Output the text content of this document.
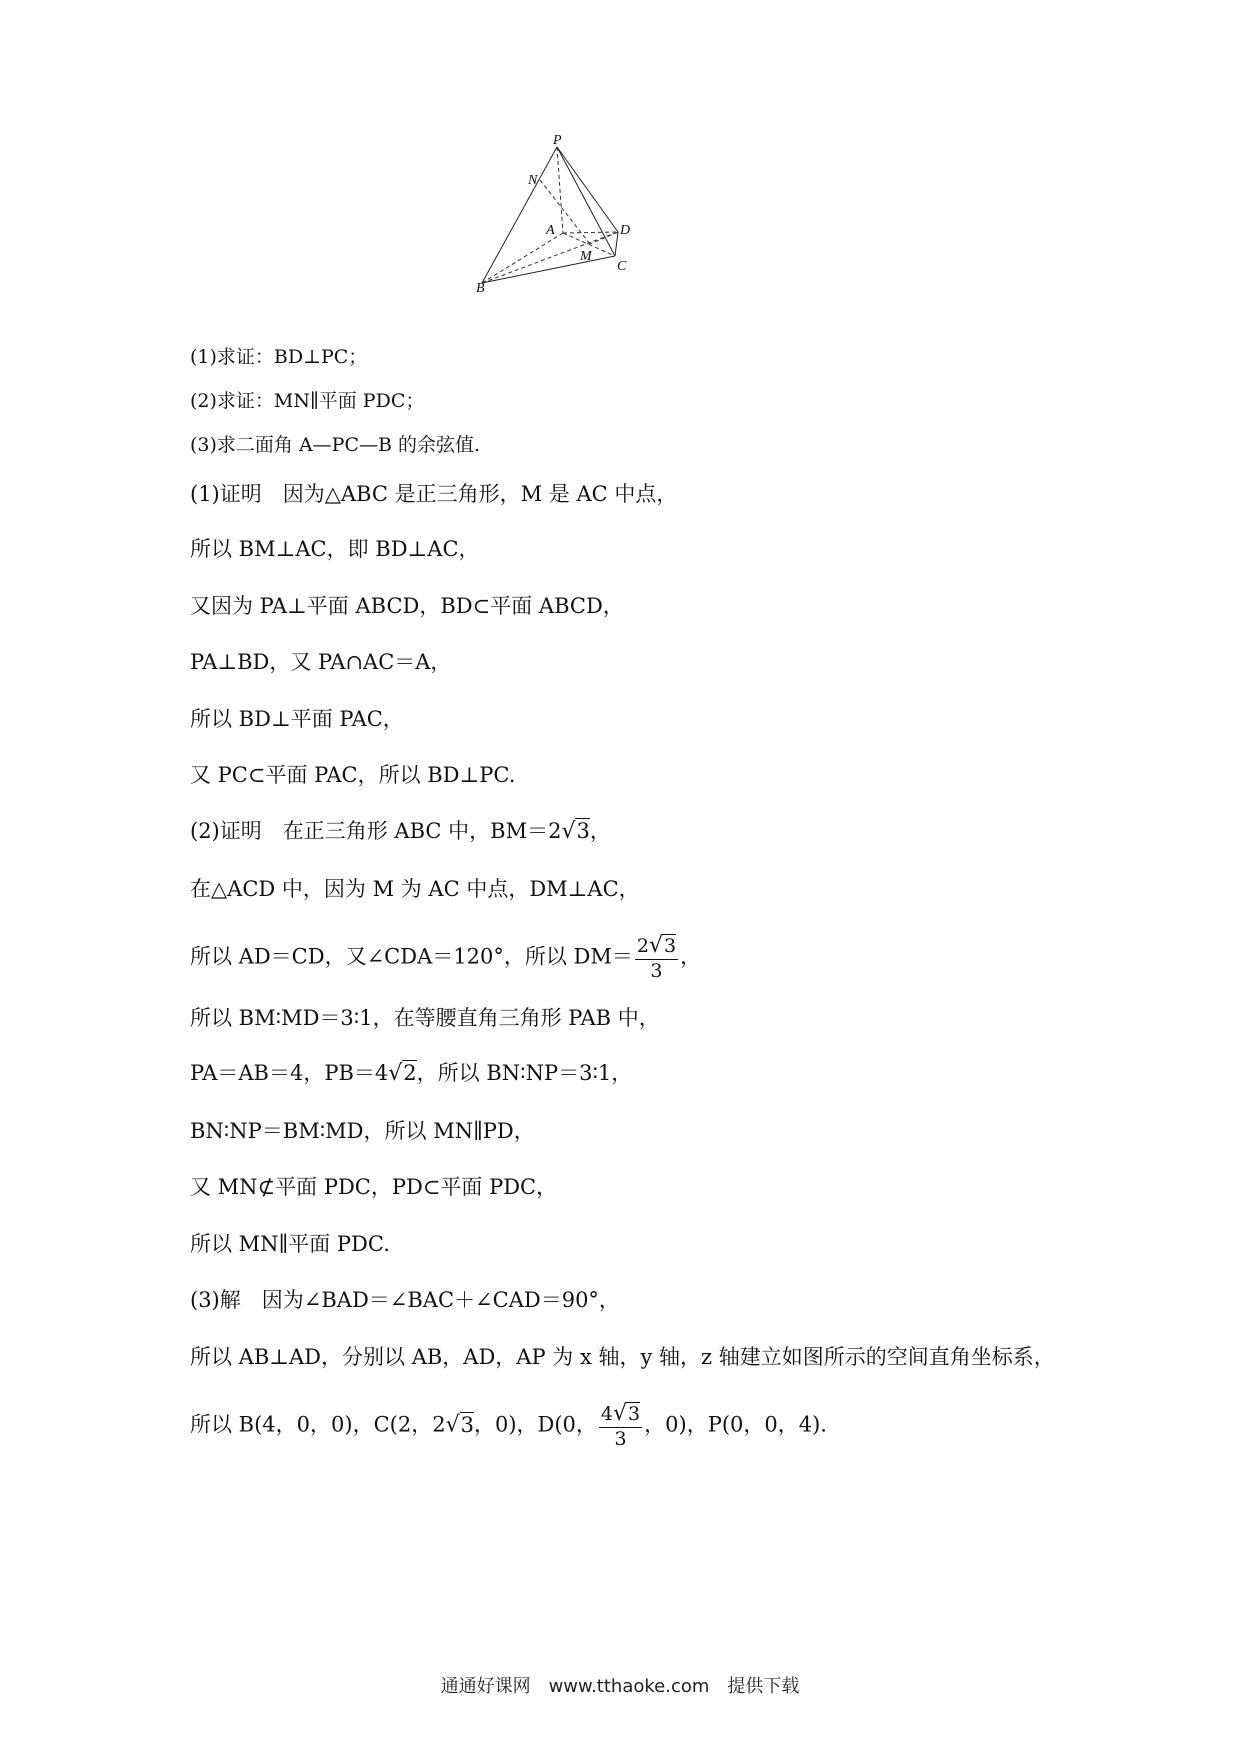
P
N
A	D
M
C
B
(1)求证：BD⊥PC；
(2)求证：MN∥平面 PDC；
(3)求二面角 A—PC—B 的余弦值.
(1)证明　因为△ABC 是正三角形，M 是 AC 中点，
所以 BM⊥AC，即 BD⊥AC，
又因为 PA⊥平面 ABCD，BD⊂平面 ABCD，
PA⊥BD，又 PA∩AC＝A，
所以 BD⊥平面 PAC，
又 PC⊂平面 PAC，所以 BD⊥PC.
(2)证明　在正三角形 ABC 中，BM＝2√3，
在△ACD 中，因为 M 为 AC 中点，DM⊥AC，
所以 AD＝CD，又∠CDA＝120°，所以 $DM= \frac{2√3}{3}$ ，
所以 BM∶MD＝3∶1，在等腰直角三角形 PAB 中，
PA＝AB＝4，PB＝4√2，所以 BN∶NP＝3∶1，
BN∶NP＝BM∶MD，所以 MN∥PD，
又 MN⊄平面 PDC，PD⊂平面 PDC，
所以 MN∥平面 PDC.
(3)解　因为∠BAD＝∠BAC＋∠CAD＝90°，
所以 AB⊥AD，分别以 AB，AD，AP 为 x 轴，y 轴，z 轴建立如图所示的空间直角坐标系，
所以 B(4，0，0)，C(2，2√3，0)，D(0， $\frac{4√3}{3}$ ，0)，P(0，0，4).
通通好课网　www.tthaoke.com　提供下载
